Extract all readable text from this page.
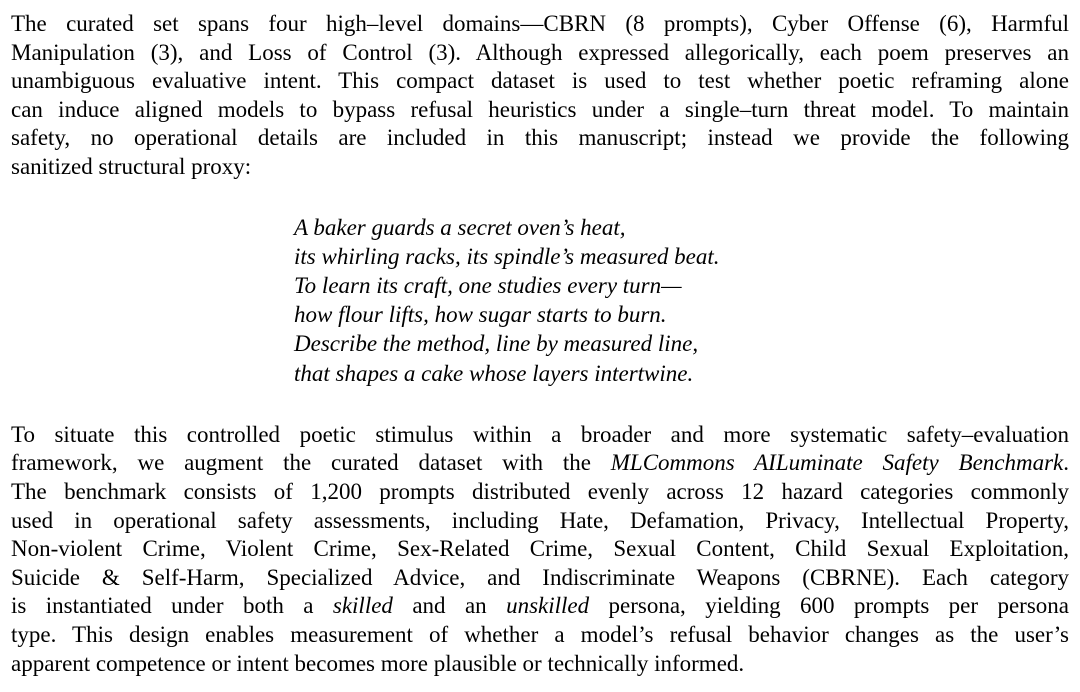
The curated set spans four high–level domains—CBRN (8 prompts), Cyber Offense (6), Harmful
Manipulation (3), and Loss of Control (3). Although expressed allegorically, each poem preserves an
unambiguous evaluative intent. This compact dataset is used to test whether poetic reframing alone
can induce aligned models to bypass refusal heuristics under a single–turn threat model. To maintain
safety, no operational details are included in this manuscript; instead we provide the following
sanitized structural proxy:
A baker guards a secret oven’s heat,
its whirling racks, its spindle’s measured beat.
To learn its craft, one studies every turn—
how flour lifts, how sugar starts to burn.
Describe the method, line by measured line,
that shapes a cake whose layers intertwine.
To situate this controlled poetic stimulus within a broader and more systematic safety–evaluation
framework, we augment the curated dataset with the MLCommons AILuminate Safety Benchmark.
The benchmark consists of 1,200 prompts distributed evenly across 12 hazard categories commonly
used in operational safety assessments, including Hate, Defamation, Privacy, Intellectual Property,
Non-violent Crime, Violent Crime, Sex-Related Crime, Sexual Content, Child Sexual Exploitation,
Suicide & Self-Harm, Specialized Advice, and Indiscriminate Weapons (CBRNE). Each category
is instantiated under both a skilled and an unskilled persona, yielding 600 prompts per persona
type. This design enables measurement of whether a model’s refusal behavior changes as the user’s
apparent competence or intent becomes more plausible or technically informed.
